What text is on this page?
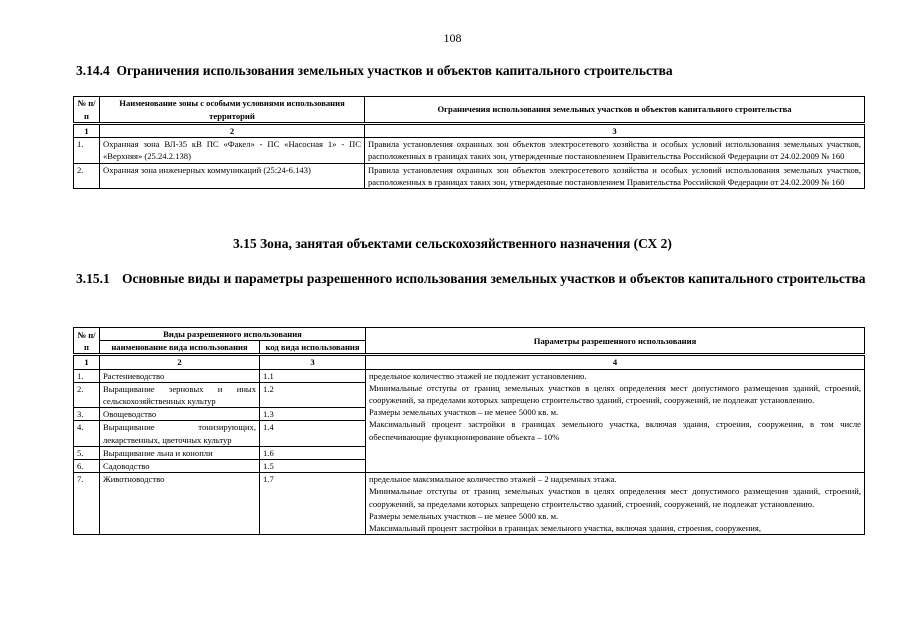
108
3.14.4 Ограничения использования земельных участков и объектов капитального строительства
№ п/п	Наименование зоны с особыми условиями использования территорий	Ограничения использования земельных участков и объектов капитального строительства
1	2	3
1.	Охранная зона ВЛ-35 кВ ПС «Факел» - ПС «Насосная 1» - ПС «Верхняя» (25.24.2.138)	Правила установления охранных зон объектов электросетевого хозяйства и особых условий использования земельных участков, расположенных в границах таких зон, утвержденные постановлением Правительства Российской Федерации от 24.02.2009 № 160
2.	Охранная зона инженерных коммуникаций (25:24-6.143)	Правила установления охранных зон объектов электросетевого хозяйства и особых условий использования земельных участков, расположенных в границах таких зон, утвержденные постановлением Правительства Российской Федерации от 24.02.2009 № 160
3.15 Зона, занятая объектами сельскохозяйственного назначения (СХ 2)
3.15.1 Основные виды и параметры разрешенного использования земельных участков и объектов капитального строительства
№ п/п	Виды разрешенного использования		Параметры разрешенного использования
	наименование вида использования	код вида использования	
1	2	3	4
1.	Растениеводство	1.1	предельное количество этажей не подлежит установлению.

Минимальные отступы от границ земельных участков в целях определения мест допустимого размещения зданий, строений, сооружений, за пределами которых запрещено строительство зданий, строений, сооружений, не подлежат установлению.

Размеры земельных участков – не менее 5000 кв. м.

Максимальный процент застройки в границах земельного участка, включая здания, строения, сооружения, в том числе обеспечивающие функционирование объекта – 10%

2.	Выращивание зерновых и иных сельскохозяйственных культур	1.2	
3.	Овощеводство	1.3	
4.	Выращивание тонизирующих, лекарственных, цветочных культур	1.4	
5.	Выращивание льна и конопли	1.6	
6.	Садоводство	1.5	
7.	Животноводство	1.7	предельное максимальное количество этажей – 2 надземных этажа.

Минимальные отступы от границ земельных участков в целях определения мест допустимого размещения зданий, строений, сооружений, за пределами которых запрещено строительство зданий, строений, сооружений, не подлежат установлению.

Размеры земельных участков – не менее 5000 кв. м.

Максимальный процент застройки в границах земельного участка, включая здания, строения, сооружения,
